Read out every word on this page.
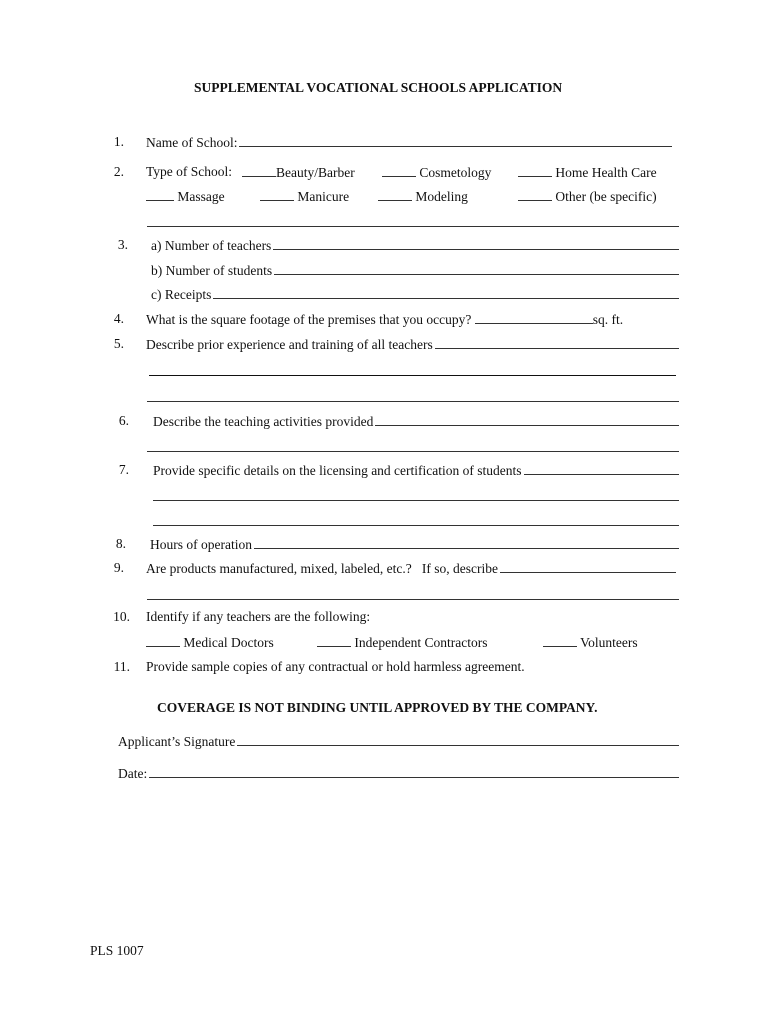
SUPPLEMENTAL VOCATIONAL SCHOOLS APPLICATION
1. Name of School:
2. Type of School:	Beauty/Barber	Cosmetology	Home Health Care
Massage	Manicure	Modeling	Other (be specific)
3. a) Number of teachers
b) Number of students
c) Receipts
4. What is the square footage of the premises that you occupy?	sq. ft.
5. Describe prior experience and training of all teachers
6. Describe the teaching activities provided
7. Provide specific details on the licensing and certification of students
8. Hours of operation
9. Are products manufactured, mixed, labeled, etc.?   If so, describe
10. Identify if any teachers are the following:
Medical Doctors	Independent Contractors	Volunteers
11. Provide sample copies of any contractual or hold harmless agreement.
COVERAGE IS NOT BINDING UNTIL APPROVED BY THE COMPANY.
Applicant’s Signature
Date:
PLS 1007
